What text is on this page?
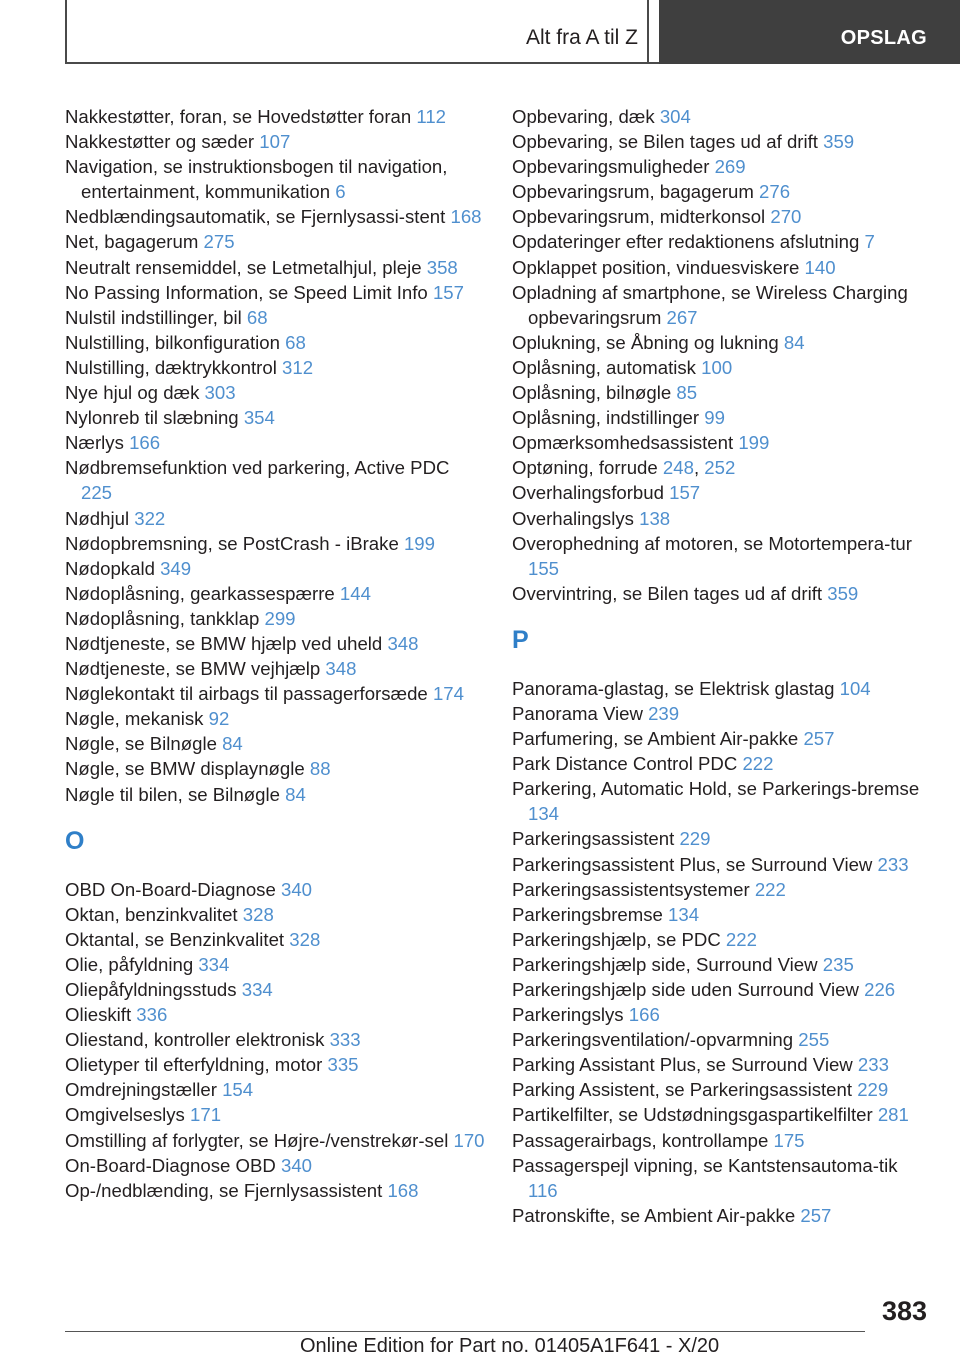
Alt fra A til Z	OPSLAG

Nakkestøtter, foran, se Hovedstøtter foran 112

Nakkestøtter og sæder 107

Navigation, se instruktionsbogen til navigation, entertainment, kommunikation 6

Nedblændingsautomatik, se Fjernlysassi-stent 168

Net, bagagerum 275

Neutralt rensemiddel, se Letmetalhjul, pleje 358

No Passing Information, se Speed Limit Info 157

Nulstil indstillinger, bil 68

Nulstilling, bilkonfiguration 68

Nulstilling, dæktrykkontrol 312

Nye hjul og dæk 303

Nylonreb til slæbning 354

Nærlys 166

Nødbremsefunktion ved parkering, Active PDC 225

Nødhjul 322

Nødopbremsning, se PostCrash - iBrake 199

Nødopkald 349

Nødoplåsning, gearkassespærre 144

Nødoplåsning, tankklap 299

Nødtjeneste, se BMW hjælp ved uheld 348

Nødtjeneste, se BMW vejhjælp 348

Nøglekontakt til airbags til passagerforsæde 174

Nøgle, mekanisk 92

Nøgle, se Bilnøgle 84

Nøgle, se BMW displaynøgle 88

Nøgle til bilen, se Bilnøgle 84

O

OBD On-Board-Diagnose 340

Oktan, benzinkvalitet 328

Oktantal, se Benzinkvalitet 328

Olie, påfyldning 334

Oliepåfyldningsstuds 334

Olieskift 336

Oliestand, kontroller elektronisk 333

Olietyper til efterfyldning, motor 335

Omdrejningstæller 154

Omgivelseslys 171

Omstilling af forlygter, se Højre-/venstrekør-sel 170

On-Board-Diagnose OBD 340

Op-/nedblænding, se Fjernlysassistent 168

Opbevaring, dæk 304

Opbevaring, se Bilen tages ud af drift 359

Opbevaringsmuligheder 269

Opbevaringsrum, bagagerum 276

Opbevaringsrum, midterkonsol 270

Opdateringer efter redaktionens afslutning 7

Opklappet position, vinduesviskere 140

Opladning af smartphone, se Wireless Charging opbevaringsrum 267

Oplukning, se Åbning og lukning 84

Oplåsning, automatisk 100

Oplåsning, bilnøgle 85

Oplåsning, indstillinger 99

Opmærksomhedsassistent 199

Optøning, forrude 248, 252

Overhalingsforbud 157

Overhalingslys 138

Overophedning af motoren, se Motortempera-tur 155

Overvintring, se Bilen tages ud af drift 359

P

Panorama-glastag, se Elektrisk glastag 104

Panorama View 239

Parfumering, se Ambient Air-pakke 257

Park Distance Control PDC 222

Parkering, Automatic Hold, se Parkerings-bremse 134

Parkeringsassistent 229

Parkeringsassistent Plus, se Surround View 233

Parkeringsassistentsystemer 222

Parkeringsbremse 134

Parkeringshjælp, se PDC 222

Parkeringshjælp side, Surround View 235

Parkeringshjælp side uden Surround View 226

Parkeringslys 166

Parkeringsventilation/-opvarmning 255

Parking Assistant Plus, se Surround View 233

Parking Assistent, se Parkeringsassistent 229

Partikelfilter, se Udstødningsgaspartikelfilter 281

Passagerairbags, kontrollampe 175

Passagerspejl vipning, se Kantstensautoma-tik 116

Patronskifte, se Ambient Air-pakke 257

383
Online Edition for Part no. 01405A1F641 - X/20
